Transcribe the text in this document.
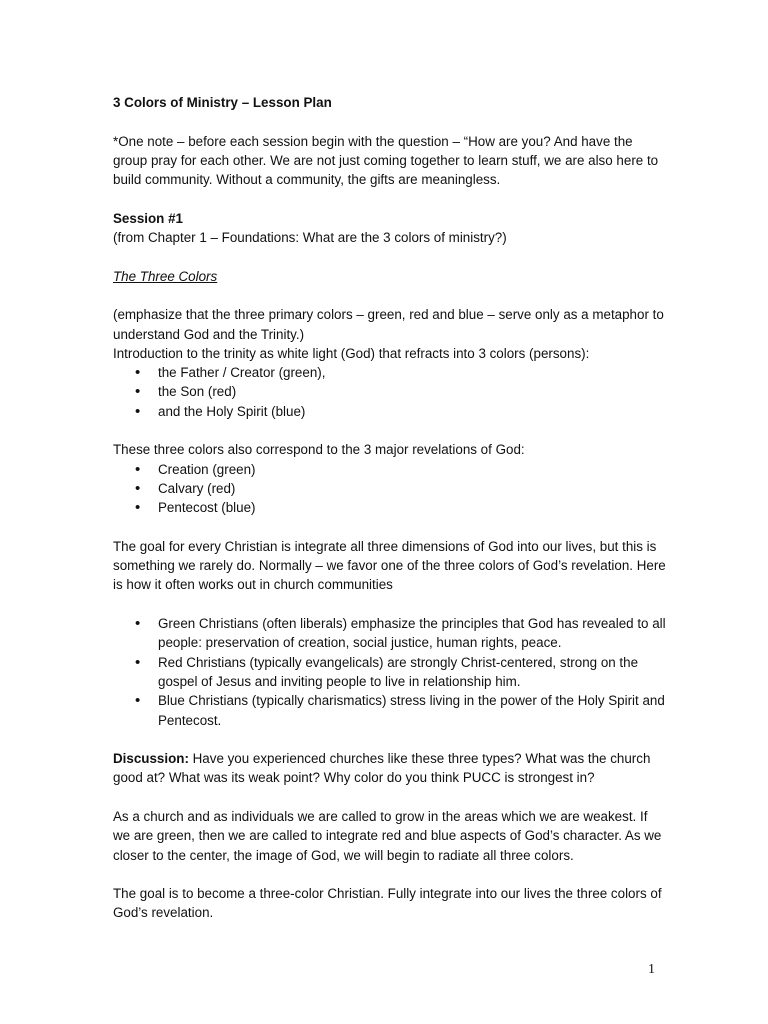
3 Colors of Ministry – Lesson Plan

*One note – before each session begin with the question – “How are you? And have the group pray for each other. We are not just coming together to learn stuff, we are also here to build community. Without a community, the gifts are meaningless.

Session #1
(from Chapter 1 – Foundations: What are the 3 colors of ministry?)

The Three Colors

(emphasize that the three primary colors – green, red and blue – serve only as a metaphor to understand God and the Trinity.)

Introduction to the trinity as white light (God) that refracts into 3 colors (persons):

• the Father / Creator (green),
• the Son (red)
• and the Holy Spirit (blue)

These three colors also correspond to the 3 major revelations of God:

• Creation (green)
• Calvary (red)
• Pentecost (blue)

The goal for every Christian is integrate all three dimensions of God into our lives, but this is something we rarely do. Normally – we favor one of the three colors of God’s revelation. Here is how it often works out in church communities

• Green Christians (often liberals) emphasize the principles that God has revealed to all people: preservation of creation, social justice, human rights, peace.
• Red Christians (typically evangelicals) are strongly Christ-centered, strong on the gospel of Jesus and inviting people to live in relationship him.
• Blue Christians (typically charismatics) stress living in the power of the Holy Spirit and Pentecost.

Discussion: Have you experienced churches like these three types? What was the church good at? What was its weak point? Why color do you think PUCC is strongest in?

As a church and as individuals we are called to grow in the areas which we are weakest. If we are green, then we are called to integrate red and blue aspects of God’s character. As we closer to the center, the image of God, we will begin to radiate all three colors.

The goal is to become a three-color Christian. Fully integrate into our lives the three colors of God’s revelation.

1
